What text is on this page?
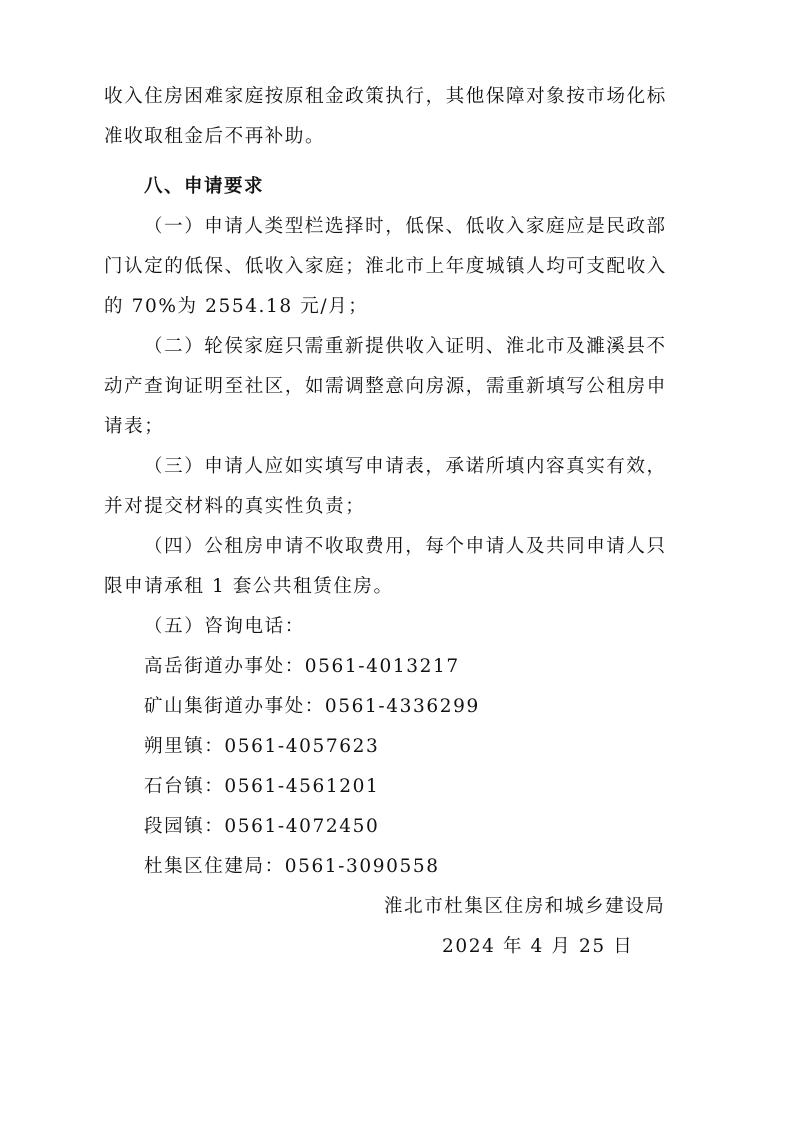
收入住房困难家庭按原租金政策执行，其他保障对象按市场化标
准收取租金后不再补助。
八、申请要求
（一）申请人类型栏选择时，低保、低收入家庭应是民政部
门认定的低保、低收入家庭；淮北市上年度城镇人均可支配收入
的 70%为 2554.18 元/月；
（二）轮侯家庭只需重新提供收入证明、淮北市及濉溪县不
动产查询证明至社区，如需调整意向房源，需重新填写公租房申
请表；
（三）申请人应如实填写申请表，承诺所填内容真实有效，
并对提交材料的真实性负责；
（四）公租房申请不收取费用，每个申请人及共同申请人只
限申请承租 1 套公共租赁住房。
（五）咨询电话：
高岳街道办事处：0561-4013217
矿山集街道办事处：0561-4336299
朔里镇：0561-4057623
石台镇：0561-4561201
段园镇：0561-4072450
杜集区住建局：0561-3090558
淮北市杜集区住房和城乡建设局
2024 年 4 月 25 日
